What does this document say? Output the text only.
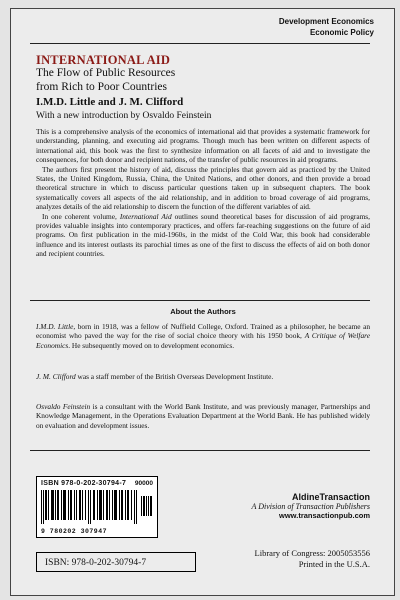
Development Economics
Economic Policy
INTERNATIONAL AID
The Flow of Public Resources
from Rich to Poor Countries
I.M.D. Little and J. M. Clifford
With a new introduction by Osvaldo Feinstein

This is a comprehensive analysis of the economics of international aid that provides a systematic framework for understanding, planning, and executing aid programs. Though much has been written on different aspects of international aid, this book was the first to synthesize information on all facets of aid and to investigate the consequences, for both donor and recipient nations, of the transfer of public resources in aid programs.

The authors first present the history of aid, discuss the principles that govern aid as practiced by the United States, the United Kingdom, Russia, China, the United Nations, and other donors, and then provide a broad theoretical structure in which to discuss particular questions taken up in subsequent chapters. The book systematically covers all aspects of the aid relationship, and in addition to broad coverage of aid programs, analyzes details of the aid relationship to discern the function of the different variables of aid.

In one coherent volume, International Aid outlines sound theoretical bases for discussion of aid programs, provides valuable insights into contemporary practices, and offers far-reaching suggestions on the future of aid programs. On first publication in the mid-1960s, in the midst of the Cold War, this book had considerable influence and its interest outlasts its parochial times as one of the first to discuss the effects of aid on both donor and recipient countries.

About the Authors

I.M.D. Little, born in 1918, was a fellow of Nuffield College, Oxford. Trained as a philosopher, he became an economist who paved the way for the rise of social choice theory with his 1950 book, A Critique of Welfare Economics. He subsequently moved on to development economics.

J. M. Clifford was a staff member of the British Overseas Development Institute.

Osvaldo Feinstein is a consultant with the World Bank Institute, and was previously manager, Partnerships and Knowledge Management, in the Operations Evaluation Department at the World Bank. He has published widely on evaluation and development issues.

ISBN 978-0-202-30794-7 90000
9 780202 307947
AldineTransaction
A Division of Transaction Publishers
www.transactionpub.com
ISBN: 978-0-202-30794-7
Library of Congress: 2005053556
Printed in the U.S.A.
